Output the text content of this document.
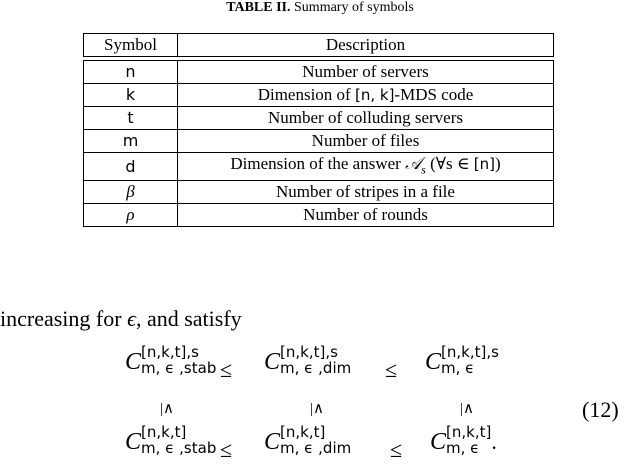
TABLE II. Summary of symbols
Symbol	Description

n	Number of servers
k	Dimension of [n, k]-MDS code
t	Number of colluding servers
m	Number of files
d	Dimension of the answer 𝒜$_s$ (∀s ∈ [n])
β	Number of stripes in a file
ρ	Number of rounds
increasing for ϵ, and satisfy
C [n,k,t],s
m, ϵ ,stab ≤ C [n,k,t],s
m, ϵ ,dim ≤ C [n,k,t],s
m, ϵ
|∧	|∧	|∧	(12)
C [n,k,t]
m, ϵ ,stab ≤ C [n,k,t]
m, ϵ ,dim ≤ C [n,k,t]
m, ϵ .
